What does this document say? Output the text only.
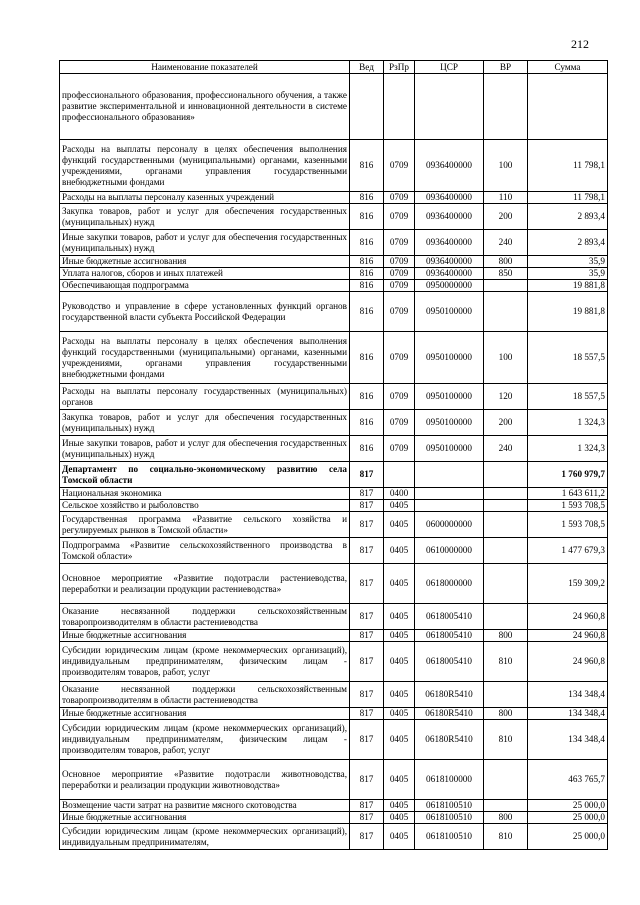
212
Наименование показателей	Вед	РзПр	ЦСР	ВР	Сумма
профессионального образования, профессионального обучения, а также развитие экспериментальной и инновационной деятельности в системе профессионального образования»					
Расходы на выплаты персоналу в целях обеспечения выполнения функций государственными (муниципальными) органами, казенными учреждениями, органами управления государственными внебюджетными фондами	816	0709	0936400000	100	11 798,1
Расходы на выплаты персоналу казенных учреждений	816	0709	0936400000	110	11 798,1
Закупка товаров, работ и услуг для обеспечения государственных (муниципальных) нужд	816	0709	0936400000	200	2 893,4
Иные закупки товаров, работ и услуг для обеспечения государственных (муниципальных) нужд	816	0709	0936400000	240	2 893,4
Иные бюджетные ассигнования	816	0709	0936400000	800	35,9
Уплата налогов, сборов и иных платежей	816	0709	0936400000	850	35,9
Обеспечивающая подпрограмма	816	0709	0950000000		19 881,8
Руководство и управление в сфере установленных функций органов государственной власти субъекта Российской Федерации	816	0709	0950100000		19 881,8
Расходы на выплаты персоналу в целях обеспечения выполнения функций государственными (муниципальными) органами, казенными учреждениями, органами управления государственными внебюджетными фондами	816	0709	0950100000	100	18 557,5
Расходы на выплаты персоналу государственных (муниципальных) органов	816	0709	0950100000	120	18 557,5
Закупка товаров, работ и услуг для обеспечения государственных (муниципальных) нужд	816	0709	0950100000	200	1 324,3
Иные закупки товаров, работ и услуг для обеспечения государственных (муниципальных) нужд	816	0709	0950100000	240	1 324,3
Департамент по социально-экономическому развитию села Томской области	817				1 760 979,7
Национальная экономика	817	0400			1 643 611,2
Сельское хозяйство и рыболовство	817	0405			1 593 708,5
Государственная программа «Развитие сельского хозяйства и регулируемых рынков в Томской области»	817	0405	0600000000		1 593 708,5
Подпрограмма «Развитие сельскохозяйственного производства в Томской области»	817	0405	0610000000		1 477 679,3
Основное мероприятие «Развитие подотрасли растениеводства, переработки и реализации продукции растениеводства»	817	0405	0618000000		159 309,2
Оказание несвязанной поддержки сельскохозяйственным товаропроизводителям в области растениеводства	817	0405	0618005410		24 960,8
Иные бюджетные ассигнования	817	0405	0618005410	800	24 960,8
Субсидии юридическим лицам (кроме некоммерческих организаций), индивидуальным предпринимателям, физическим лицам - производителям товаров, работ, услуг	817	0405	0618005410	810	24 960,8
Оказание несвязанной поддержки сельскохозяйственным товаропроизводителям в области растениеводства	817	0405	06180R5410		134 348,4
Иные бюджетные ассигнования	817	0405	06180R5410	800	134 348,4
Субсидии юридическим лицам (кроме некоммерческих организаций), индивидуальным предпринимателям, физическим лицам - производителям товаров, работ, услуг	817	0405	06180R5410	810	134 348,4
Основное мероприятие «Развитие подотрасли животноводства, переработки и реализации продукции животноводства»	817	0405	0618100000		463 765,7
Возмещение части затрат на развитие мясного скотоводства	817	0405	0618100510		25 000,0
Иные бюджетные ассигнования	817	0405	0618100510	800	25 000,0
Субсидии юридическим лицам (кроме некоммерческих организаций), индивидуальным предпринимателям,	817	0405	0618100510	810	25 000,0
